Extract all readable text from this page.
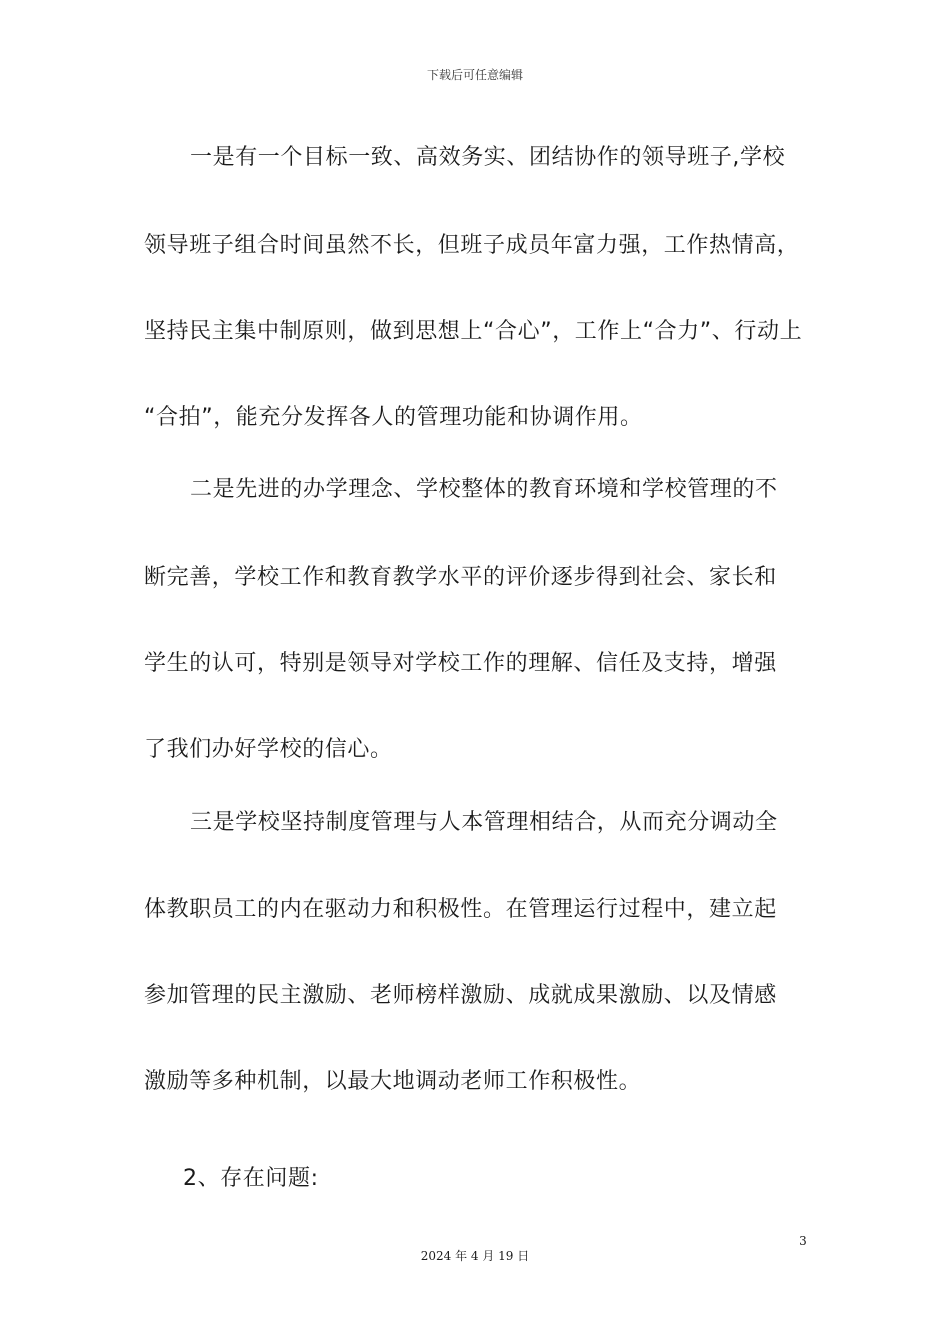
下载后可任意编辑
一是有一个目标一致、高效务实、团结协作的领导班子,学校
领导班子组合时间虽然不长，但班子成员年富力强，工作热情高，
坚持民主集中制原则，做到思想上“合心”，工作上“合力”、行动上
“合拍”，能充分发挥各人的管理功能和协调作用。
二是先进的办学理念、学校整体的教育环境和学校管理的不
断完善，学校工作和教育教学水平的评价逐步得到社会、家长和
学生的认可，特别是领导对学校工作的理解、信任及支持，增强
了我们办好学校的信心。
三是学校坚持制度管理与人本管理相结合，从而充分调动全
体教职员工的内在驱动力和积极性。在管理运行过程中，建立起
参加管理的民主激励、老师榜样激励、成就成果激励、以及情感
激励等多种机制，以最大地调动老师工作积极性。
2、存在问题:
3
2024 年 4 月 19 日
